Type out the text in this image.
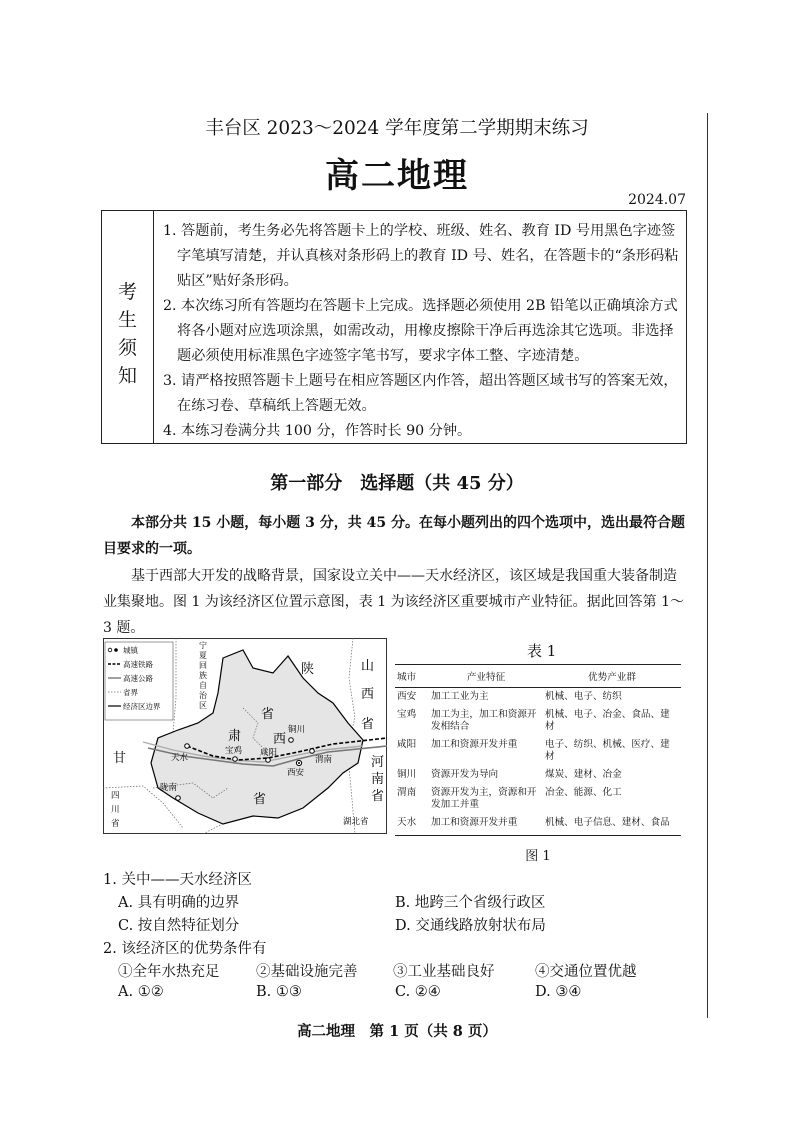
丰台区 2023～2024 学年度第二学期期末练习
高二地理
2024.07
考
生
须
知
1. 答题前，考生务必先将答题卡上的学校、班级、姓名、教育 ID 号用黑色字迹签字笔填写清楚，并认真核对条形码上的教育 ID 号、姓名，在答题卡的“条形码粘贴区”贴好条形码。
2. 本次练习所有答题均在答题卡上完成。选择题必须使用 2B 铅笔以正确填涂方式将各小题对应选项涂黑，如需改动，用橡皮擦除干净后再选涂其它选项。非选择题必须使用标准黑色字迹签字笔书写，要求字体工整、字迹清楚。
3. 请严格按照答题卡上题号在相应答题区内作答，超出答题区域书写的答案无效，在练习卷、草稿纸上答题无效。
4. 本练习卷满分共 100 分，作答时长 90 分钟。
第一部分　选择题（共 45 分）
本部分共 15 小题，每小题 3 分，共 45 分。在每小题列出的四个选项中，选出最符合题目要求的一项。
基于西部大开发的战略背景，国家设立关中——天水经济区，该区域是我国重大装备制造业集聚地。图 1 为该经济区位置示意图，表 1 为该经济区重要城市产业特征。据此回答第 1～3 题。
城镇
高速铁路
高速公路
省界
经济区边界
宁
夏
回
族
自
治
区
陕	山
西
省
省
西
肃
甘
省
河
南
省
铜川
宝鸡 咸阳
天水	渭南
西安
陇南
湖北省
四
川
省
表 1
城市	产业特征	优势产业群
西安	加工工业为主	机械、电子、纺织
宝鸡	加工为主，加工和资源开发相结合	机械、电子、冶金、食品、建材
咸阳	加工和资源开发并重	电子、纺织、机械、医疗、建材
铜川	资源开发为导向	煤炭、建材、冶金
渭南	资源开发为主，资源和开发加工并重	冶金、能源、化工
天水	加工和资源开发并重	机械、电子信息、建材、食品
图 1
1. 关中——天水经济区
A. 具有明确的边界	B. 地跨三个省级行政区
C. 按自然特征划分	D. 交通线路放射状布局
2. 该经济区的优势条件有
①全年水热充足	②基础设施完善 ③工业基础良好	④交通位置优越
A. ①②	B. ①③	C. ②④	D. ③④
高二地理　第 1 页（共 8 页）
